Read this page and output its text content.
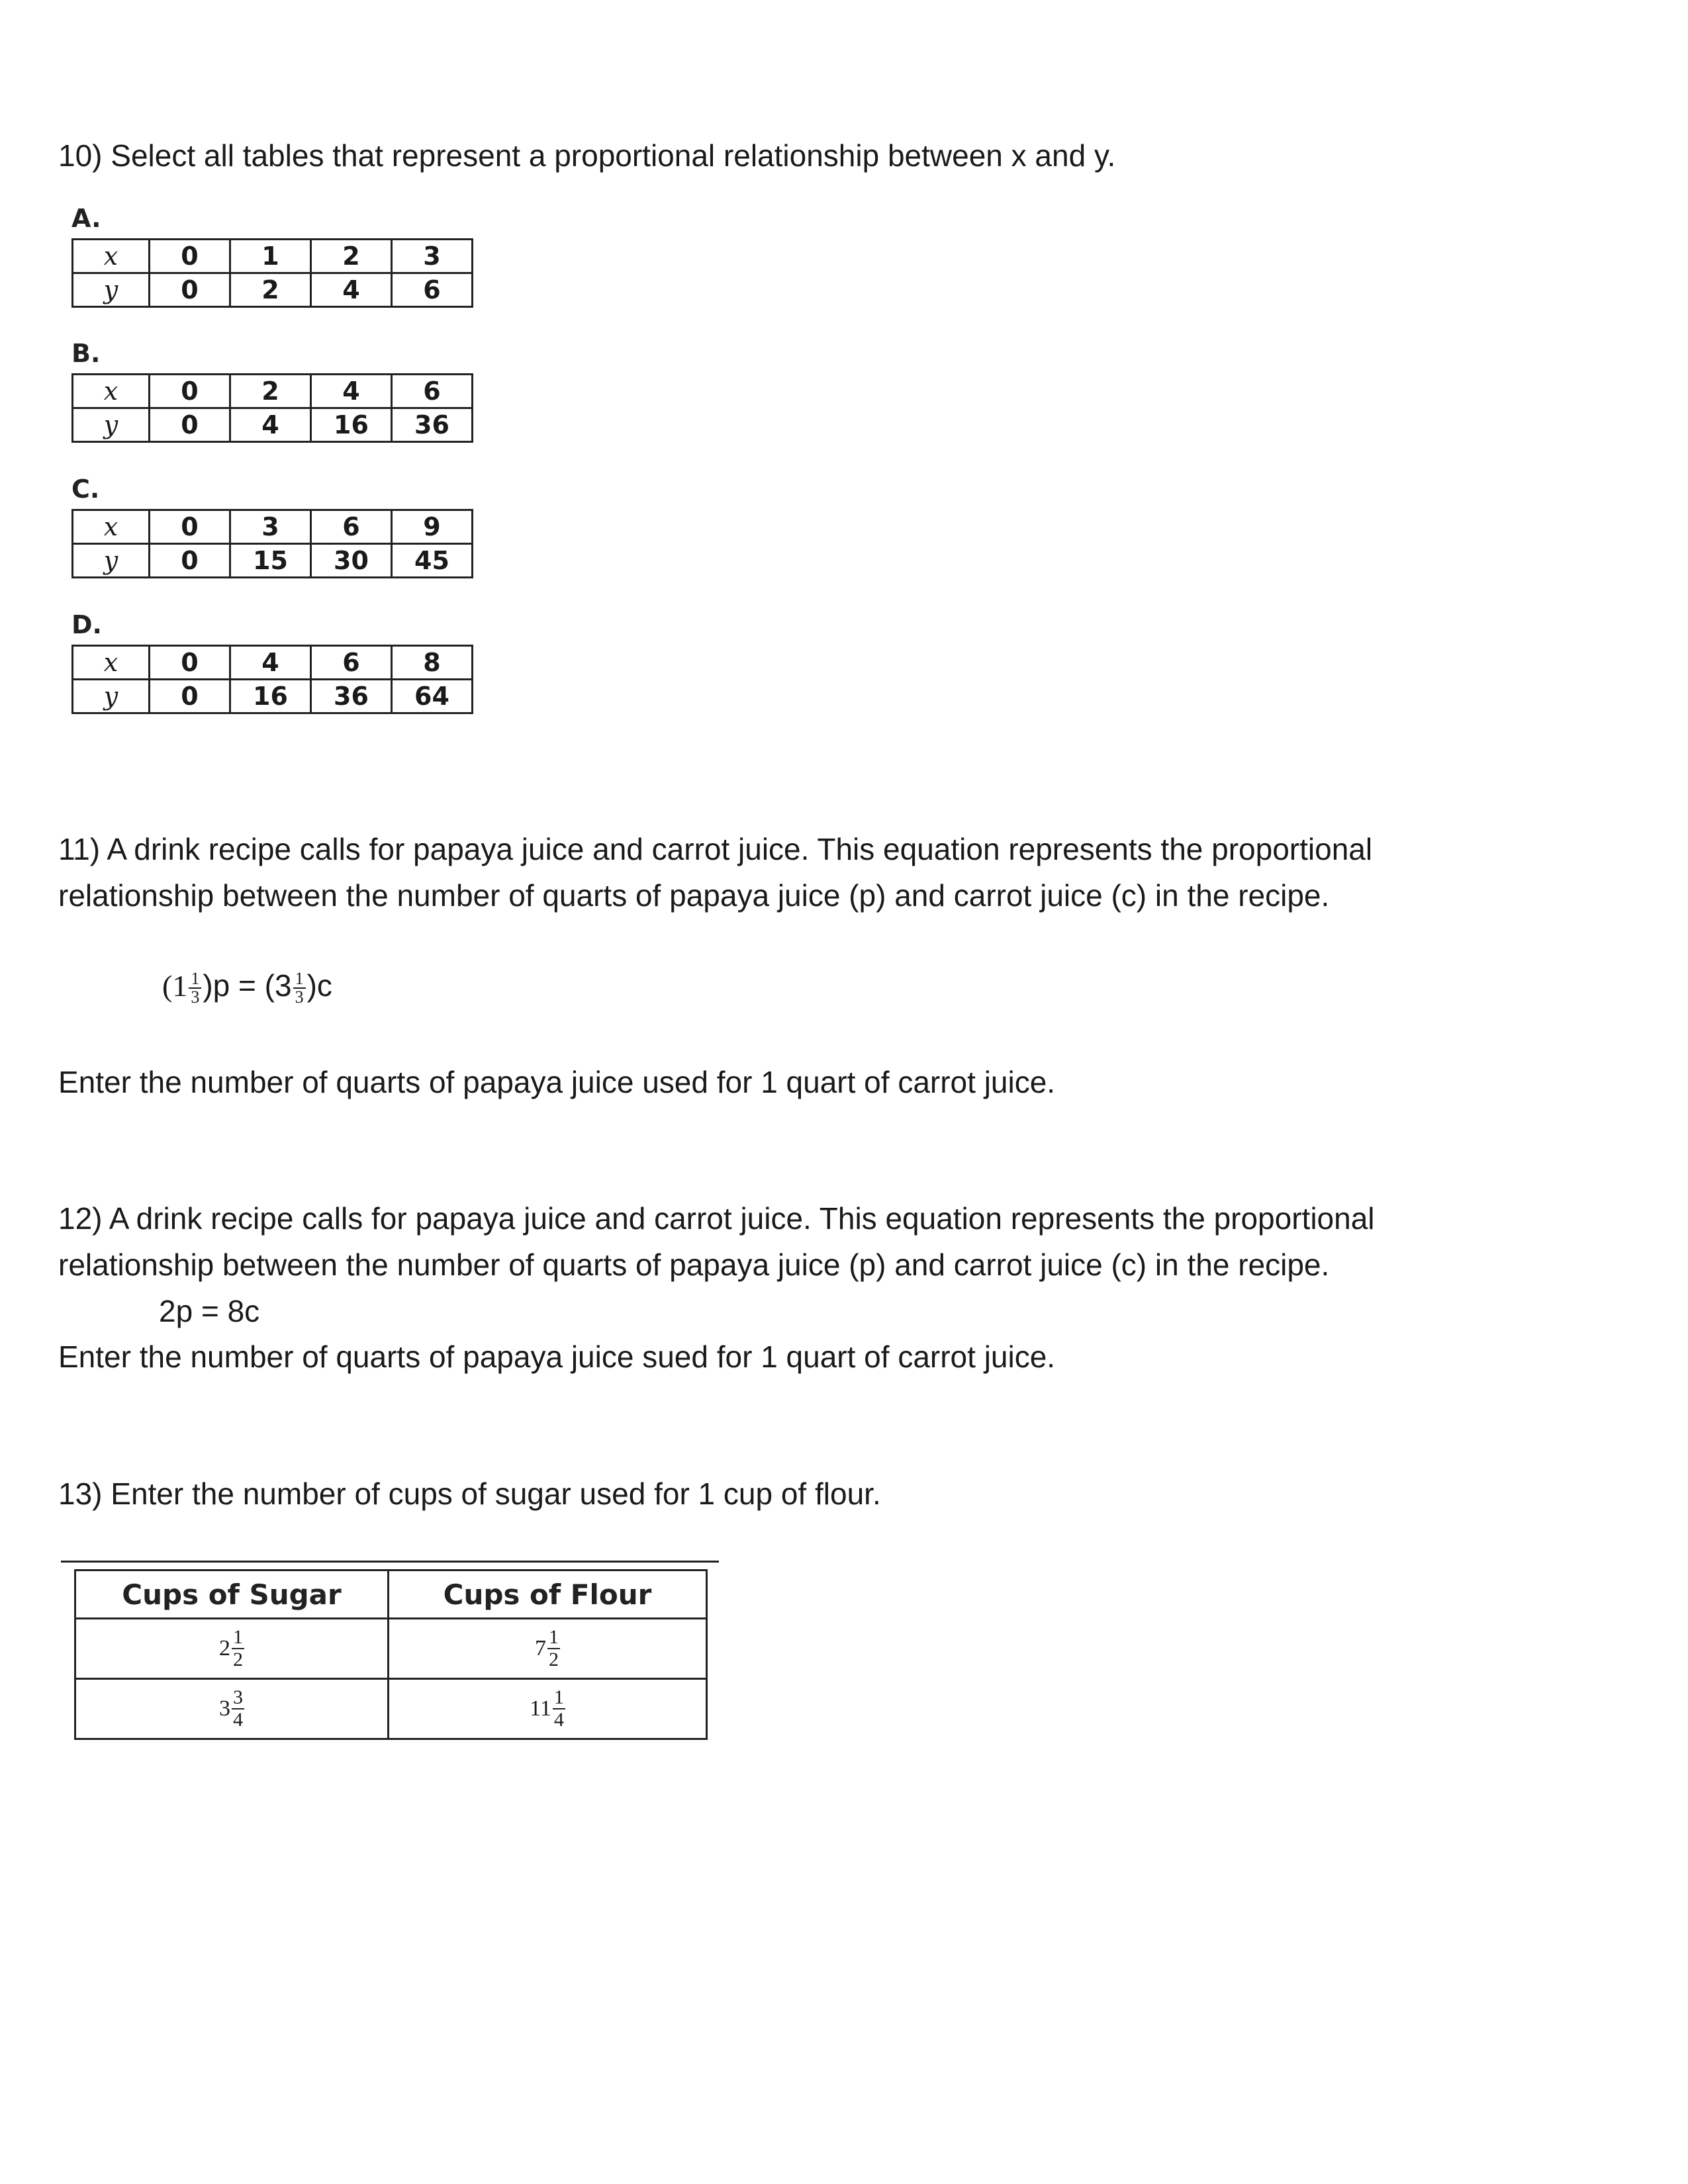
10) Select all tables that represent a proportional relationship between x and y.
A.
x	0	1	2	3
y	0	2	4	6
B.
x	0	2	4	6
y	0	4	16	36
C.
x	0	3	6	9
y	0	15	30	45
D.
x	0	4	6	8
y	0	16	36	64
11) A drink recipe calls for papaya juice and carrot juice. This equation represents the proportional
relationship between the number of quarts of papaya juice (p) and carrot juice (c) in the recipe.
$(1 \frac{1}{3} )p = (3 \frac{1}{3} )c$
Enter the number of quarts of papaya juice used for 1 quart of carrot juice.
12) A drink recipe calls for papaya juice and carrot juice. This equation represents the proportional
relationship between the number of quarts of papaya juice (p) and carrot juice (c) in the recipe.
2p = 8c
Enter the number of quarts of papaya juice sued for 1 quart of carrot juice.
13) Enter the number of cups of sugar used for 1 cup of flour.
Cups of Sugar	Cups of Flour

$2 \frac{1}{2}$	$7 \frac{1}{2}$

$3 \frac{3}{4}$	$11 \frac{1}{4}$
